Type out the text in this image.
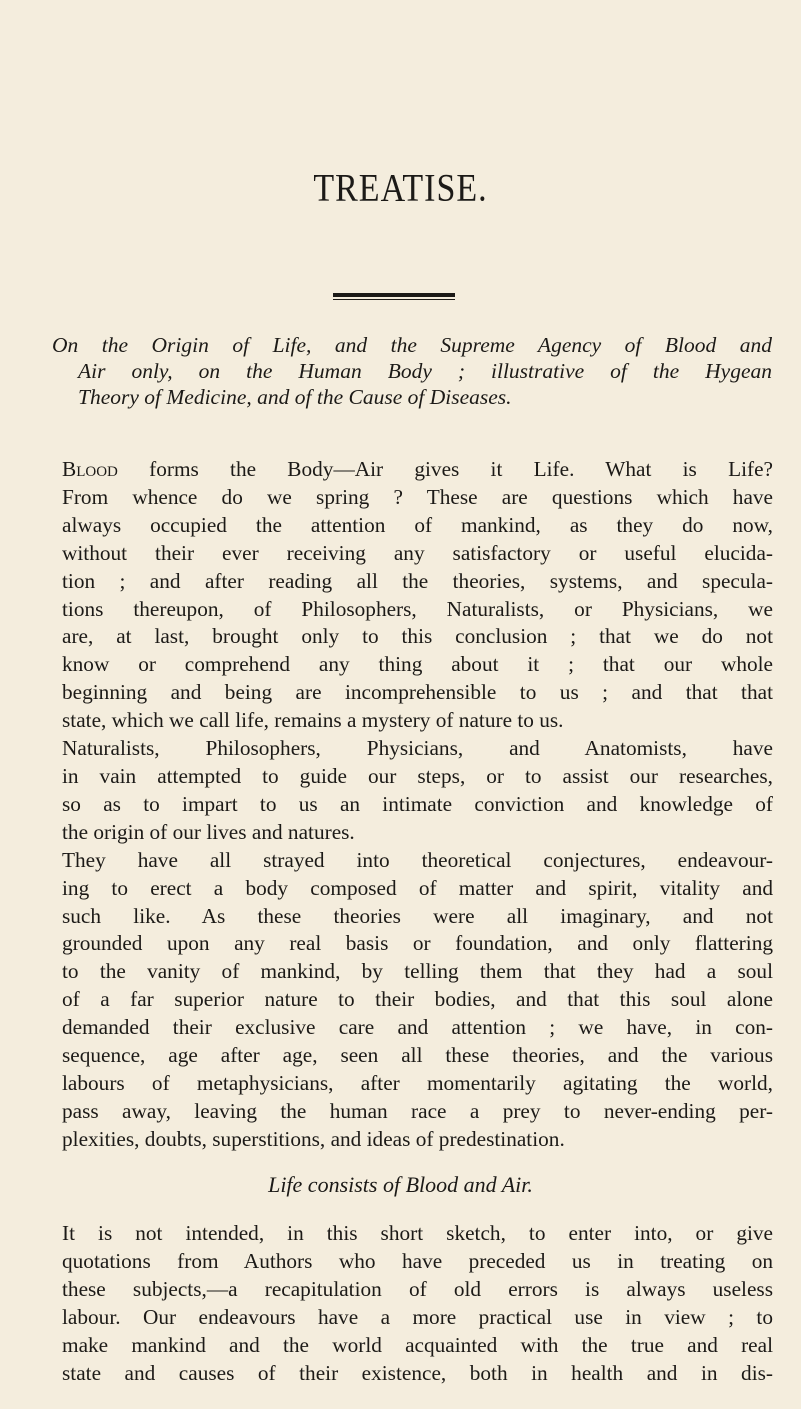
TREATISE.
On the Origin of Life, and the Supreme Agency of Blood and
Air only, on the Human Body ; illustrative of the Hygean
Theory of Medicine, and of the Cause of Diseases.
Blood forms the Body—Air gives it Life. What is Life?
From whence do we spring ? These are questions which have
always occupied the attention of mankind, as they do now,
without their ever receiving any satisfactory or useful elucida-
tion ; and after reading all the theories, systems, and specula-
tions thereupon, of Philosophers, Naturalists, or Physicians, we
are, at last, brought only to this conclusion ; that we do not
know or comprehend any thing about it ; that our whole
beginning and being are incomprehensible to us ; and that that
state, which we call life, remains a mystery of nature to us.
Naturalists, Philosophers, Physicians, and Anatomists, have
in vain attempted to guide our steps, or to assist our researches,
so as to impart to us an intimate conviction and knowledge of
the origin of our lives and natures.
They have all strayed into theoretical conjectures, endeavour-
ing to erect a body composed of matter and spirit, vitality and
such like. As these theories were all imaginary, and not
grounded upon any real basis or foundation, and only flattering
to the vanity of mankind, by telling them that they had a soul
of a far superior nature to their bodies, and that this soul alone
demanded their exclusive care and attention ; we have, in con-
sequence, age after age, seen all these theories, and the various
labours of metaphysicians, after momentarily agitating the world,
pass away, leaving the human race a prey to never-ending per-
plexities, doubts, superstitions, and ideas of predestination.
Life consists of Blood and Air.
It is not intended, in this short sketch, to enter into, or give
quotations from Authors who have preceded us in treating on
these subjects,—a recapitulation of old errors is always useless
labour. Our endeavours have a more practical use in view ; to
make mankind and the world acquainted with the true and real
state and causes of their existence, both in health and in dis-
